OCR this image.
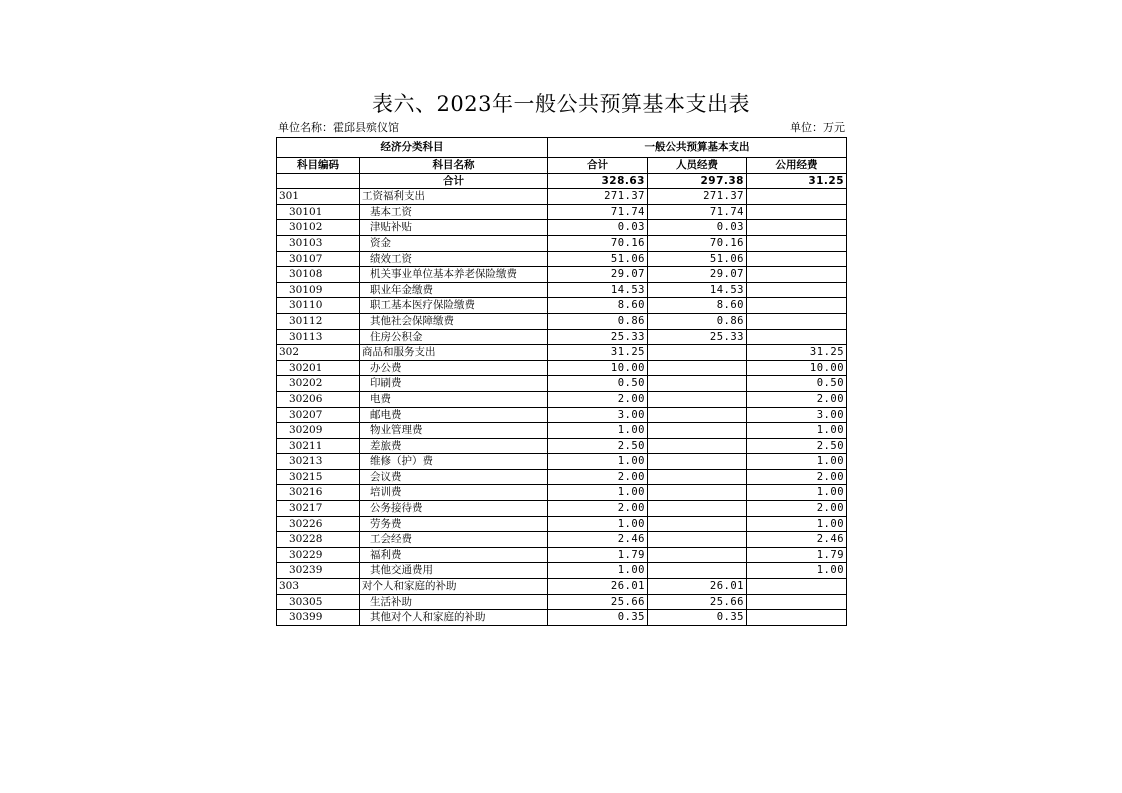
表六、2023年一般公共预算基本支出表
单位名称：霍邱县殡仪馆	单位：万元
经济分类科目		一般公共预算基本支出		
科目编码	科目名称	合计	人员经费	公用经费
	合计	328.63	297.38	31.25
301	工资福利支出	271.37	271.37	
30101	基本工资	71.74	71.74	
30102	津贴补贴	0.03	0.03	
30103	资金	70.16	70.16	
30107	绩效工资	51.06	51.06	
30108	机关事业单位基本养老保险缴费	29.07	29.07	
30109	职业年金缴费	14.53	14.53	
30110	职工基本医疗保险缴费	8.60	8.60	
30112	其他社会保障缴费	0.86	0.86	
30113	住房公积金	25.33	25.33	
302	商品和服务支出	31.25		31.25
30201	办公费	10.00		10.00
30202	印刷费	0.50		0.50
30206	电费	2.00		2.00
30207	邮电费	3.00		3.00
30209	物业管理费	1.00		1.00
30211	差旅费	2.50		2.50
30213	维修（护）费	1.00		1.00
30215	会议费	2.00		2.00
30216	培训费	1.00		1.00
30217	公务接待费	2.00		2.00
30226	劳务费	1.00		1.00
30228	工会经费	2.46		2.46
30229	福利费	1.79		1.79
30239	其他交通费用	1.00		1.00
303	对个人和家庭的补助	26.01	26.01	
30305	生活补助	25.66	25.66	
30399	其他对个人和家庭的补助	0.35	0.35	
